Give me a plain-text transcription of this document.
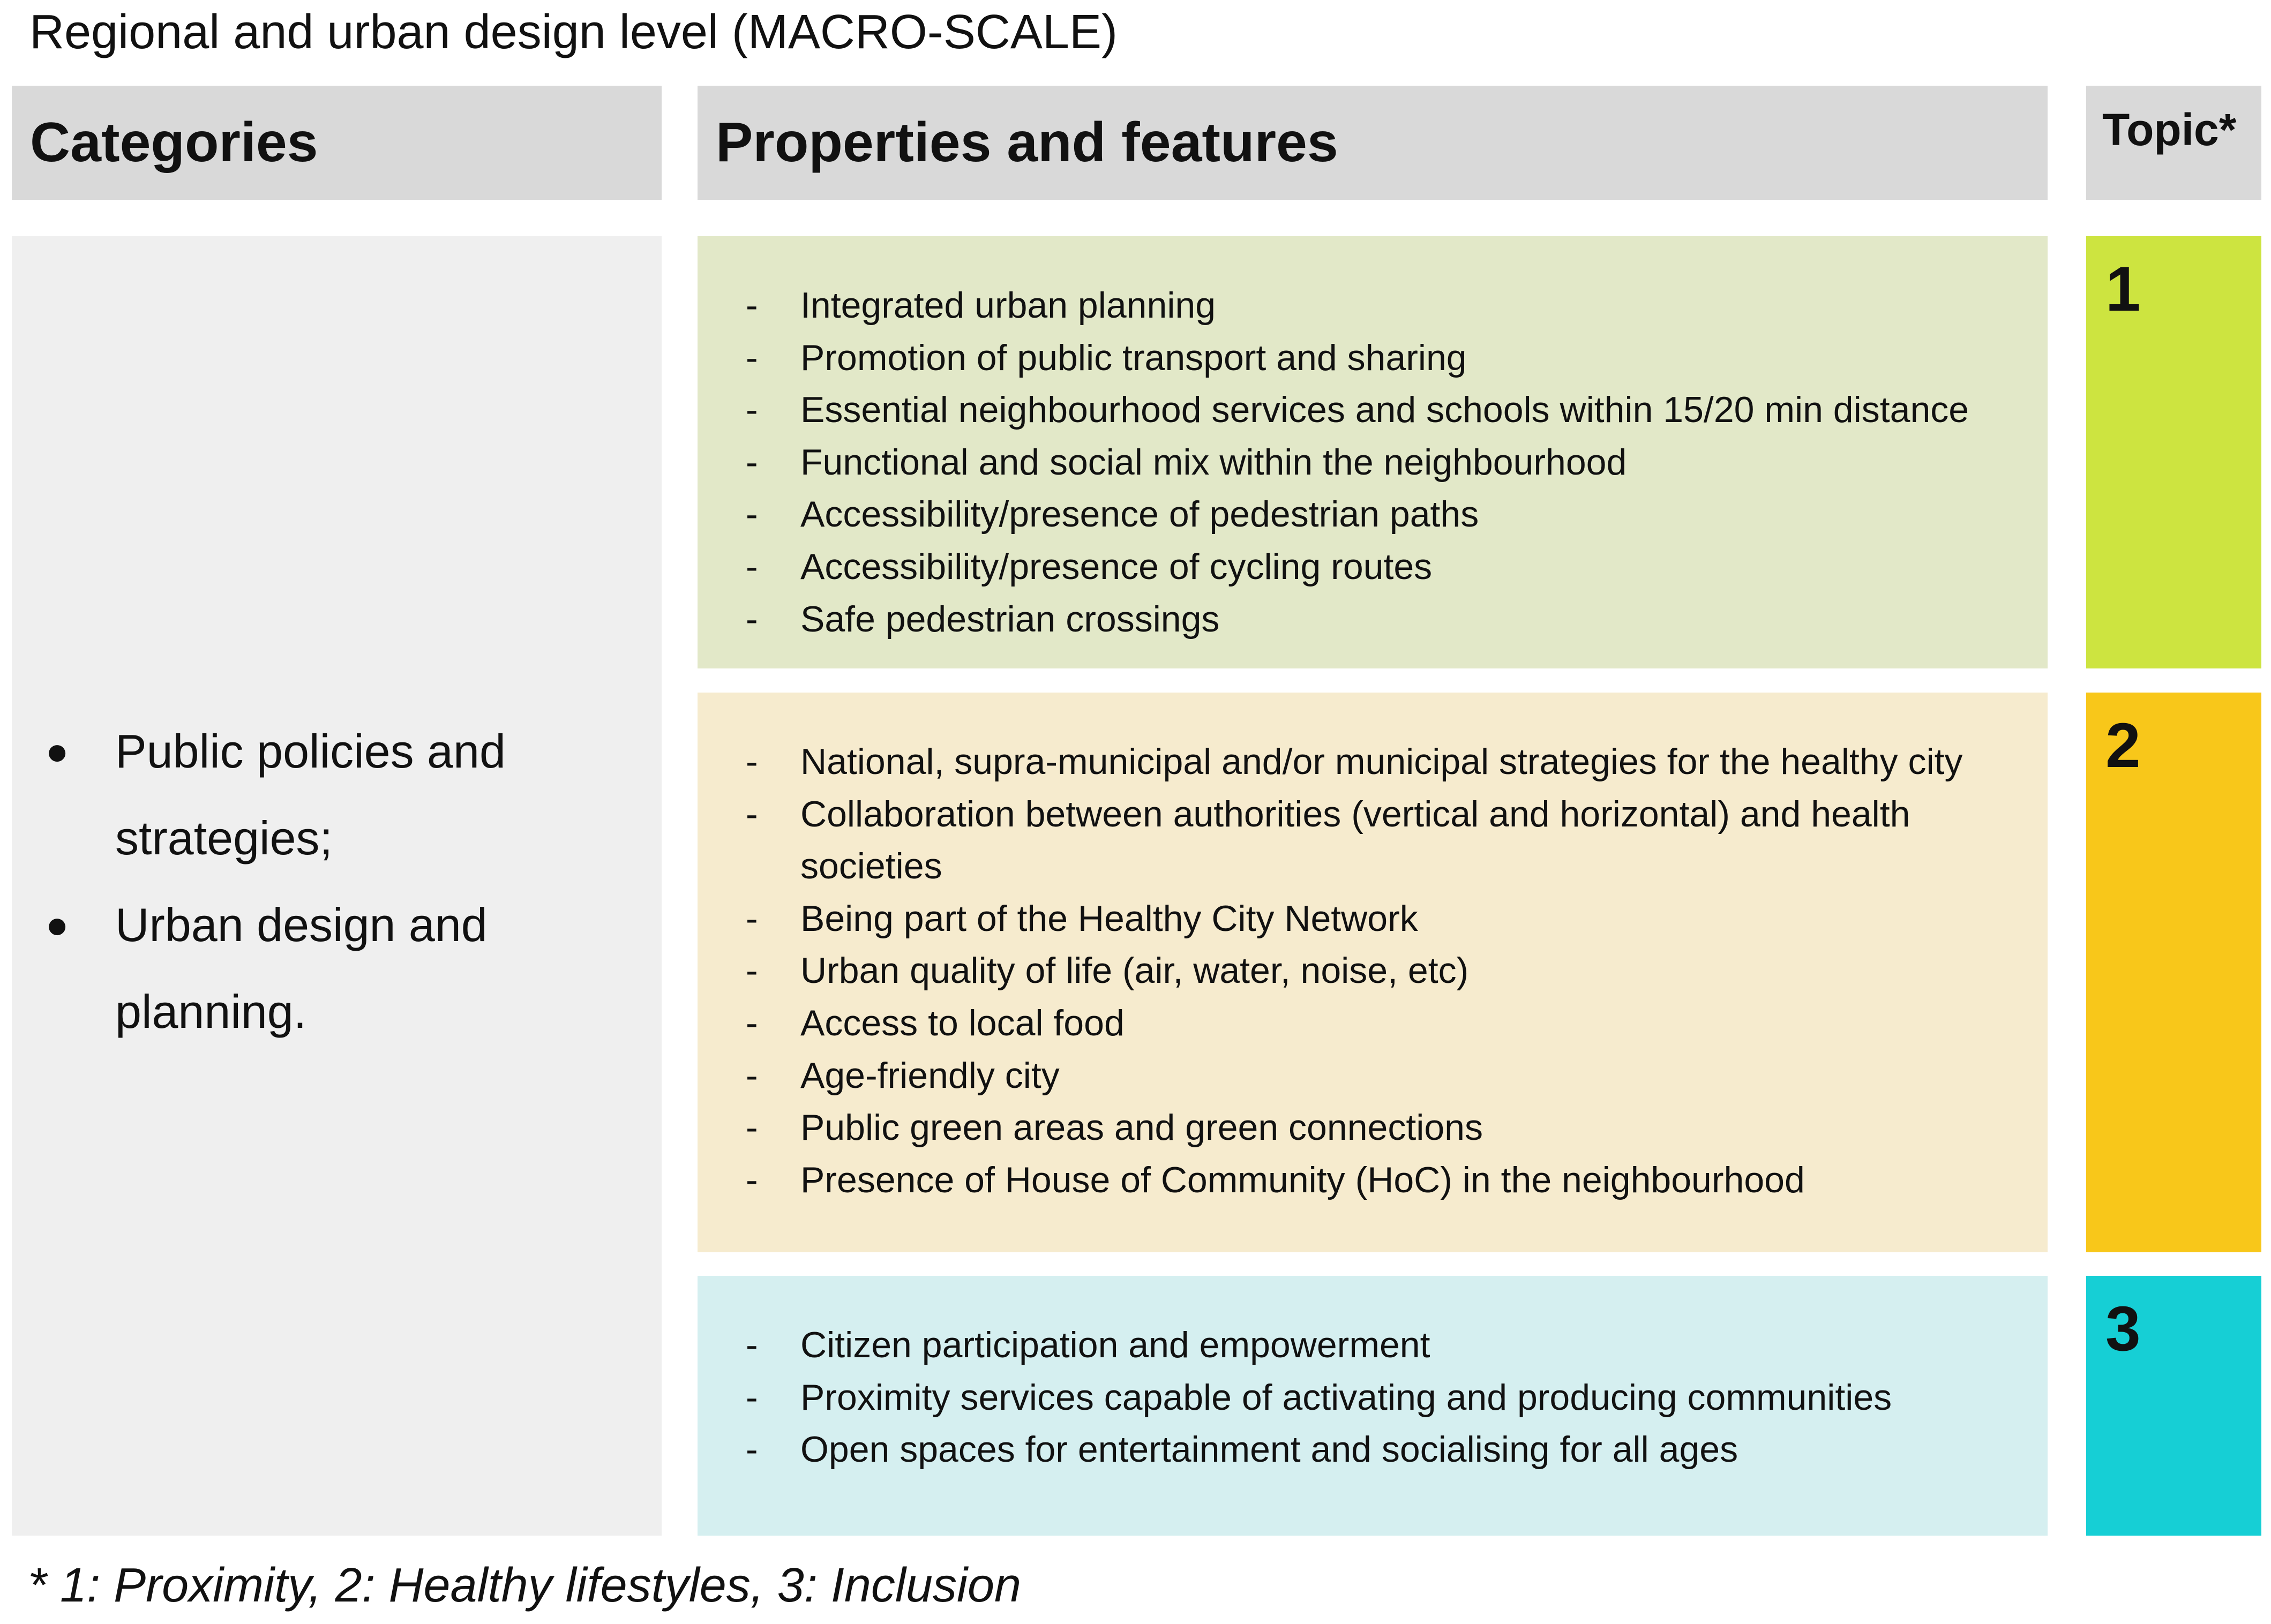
Regional and urban design level (MACRO-SCALE)
Categories	Properties and features	Topic*
● Public policies and strategies;
● Urban design and planning.
- Integrated urban planning
- Promotion of public transport and sharing
- Essential neighbourhood services and schools within 15/20 min distance
- Functional and social mix within the neighbourhood
- Accessibility/presence of pedestrian paths
- Accessibility/presence of cycling routes
- Safe pedestrian crossings
- National, supra-municipal and/or municipal strategies for the healthy city
- Collaboration between authorities (vertical and horizontal) and health societies
- Being part of the Healthy City Network
- Urban quality of life (air, water, noise, etc)
- Access to local food
- Age-friendly city
- Public green areas and green connections
- Presence of House of Community (HoC) in the neighbourhood
- Citizen participation and empowerment
- Proximity services capable of activating and producing communities
- Open spaces for entertainment and socialising for all ages
1
2
3
* 1: Proximity, 2: Healthy lifestyles, 3: Inclusion
